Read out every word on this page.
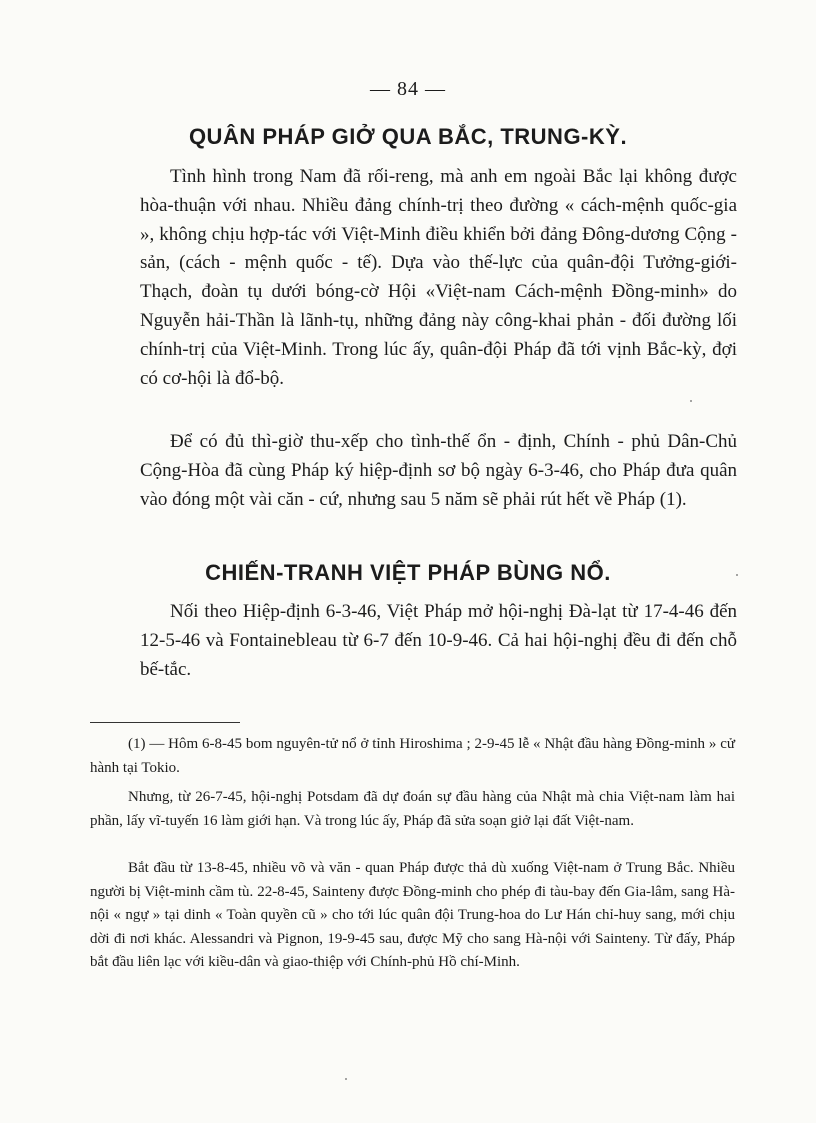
— 84 —
QUÂN PHÁP GIỞ QUA BẮC, TRUNG-KỲ.

Tình hình trong Nam đã rối-reng, mà anh em ngoài Bắc lại không được hòa-thuận với nhau. Nhiều đảng chính-trị theo đường « cách-mệnh quốc-gia », không chịu hợp-tác với Việt-Minh điều khiển bởi đảng Đông-dương Cộng - sản, (cách - mệnh quốc - tế). Dựa vào thế-lực của quân-đội Tưởng-giới-Thạch, đoàn tụ dưới bóng-cờ Hội «Việt-nam Cách-mệnh Đồng-minh» do Nguyễn hải-Thần là lãnh-tụ, những đảng này công-khai phản - đối đường lối chính-trị của Việt-Minh. Trong lúc ấy, quân-đội Pháp đã tới vịnh Bắc-kỳ, đợi có cơ-hội là đổ-bộ.

Để có đủ thì-giờ thu-xếp cho tình-thế ổn - định, Chính - phủ Dân-Chủ Cộng-Hòa đã cùng Pháp ký hiệp-định sơ bộ ngày 6-3-46, cho Pháp đưa quân vào đóng một vài căn - cứ, nhưng sau 5 năm sẽ phải rút hết về Pháp (1).

CHIẾN-TRANH VIỆT PHÁP BÙNG NỔ.

Nối theo Hiệp-định 6-3-46, Việt Pháp mở hội-nghị Đà-lạt từ 17-4-46 đến 12-5-46 và Fontainebleau từ 6-7 đến 10-9-46. Cả hai hội-nghị đều đi đến chỗ bế-tắc.

(1) — Hôm 6-8-45 bom nguyên-tử nổ ở tỉnh Hiroshima ; 2-9-45 lễ « Nhật đầu hàng Đồng-minh » cử hành tại Tokio.

Nhưng, từ 26-7-45, hội-nghị Potsdam đã dự đoán sự đầu hàng của Nhật mà chia Việt-nam làm hai phần, lấy vĩ-tuyến 16 làm giới hạn. Và trong lúc ấy, Pháp đã sửa soạn giở lại đất Việt-nam.

Bắt đầu từ 13-8-45, nhiều võ và văn - quan Pháp được thả dù xuống Việt-nam ở Trung Bắc. Nhiều người bị Việt-minh cầm tù. 22-8-45, Sainteny được Đồng-minh cho phép đi tàu-bay đến Gia-lâm, sang Hà-nội « ngự » tại dinh « Toàn quyền cũ » cho tới lúc quân đội Trung-hoa do Lư Hán chỉ-huy sang, mới chịu dời đi nơi khác. Alessandri và Pignon, 19-9-45 sau, được Mỹ cho sang Hà-nội với Sainteny. Từ đấy, Pháp bắt đầu liên lạc với kiều-dân và giao-thiệp với Chính-phủ Hồ chí-Minh.
